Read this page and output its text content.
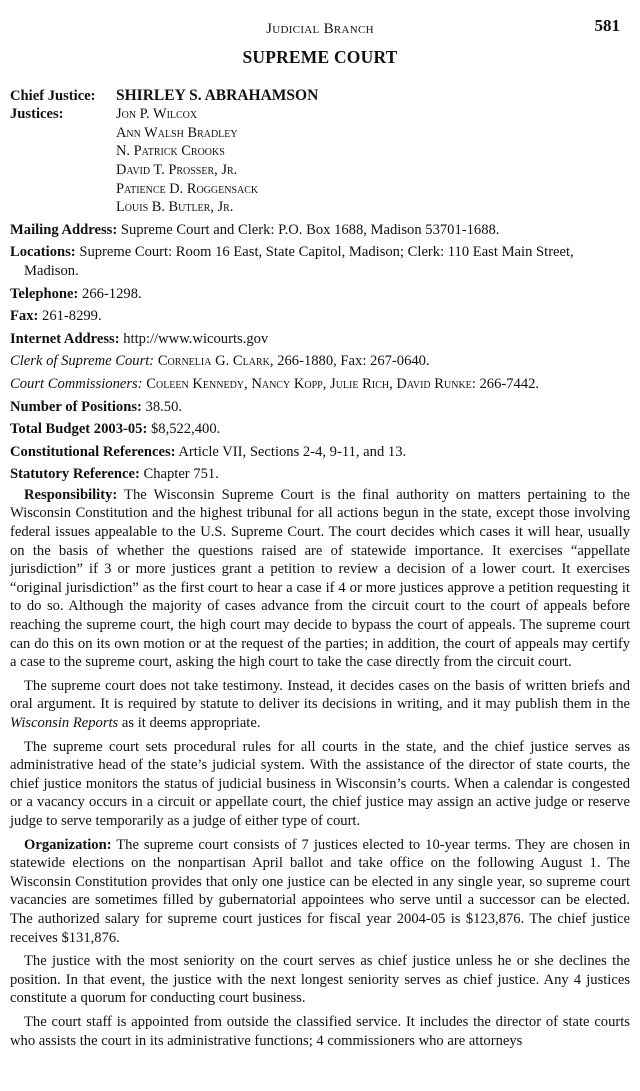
Judicial Branch	581
SUPREME COURT
Chief Justice:	SHIRLEY S. ABRAHAMSON
Justices:	Jon P. Wilcox
Ann Walsh Bradley
N. Patrick Crooks
David T. Prosser, Jr.
Patience D. Roggensack
Louis B. Butler, Jr.
Mailing Address: Supreme Court and Clerk: P.O. Box 1688, Madison 53701-1688.
Locations: Supreme Court: Room 16 East, State Capitol, Madison; Clerk: 110 East Main Street, Madison.
Telephone: 266-1298.
Fax: 261-8299.
Internet Address: http://www.wicourts.gov
Clerk of Supreme Court: Cornelia G. Clark, 266-1880, Fax: 267-0640.
Court Commissioners: Coleen Kennedy, Nancy Kopp, Julie Rich, David Runke: 266-7442.
Number of Positions: 38.50.
Total Budget 2003-05: $8,522,400.
Constitutional References: Article VII, Sections 2-4, 9-11, and 13.
Statutory Reference: Chapter 751.

Responsibility: The Wisconsin Supreme Court is the final authority on matters pertaining to the Wisconsin Constitution and the highest tribunal for all actions begun in the state, except those involving federal issues appealable to the U.S. Supreme Court. The court decides which cases it will hear, usually on the basis of whether the questions raised are of statewide importance. It exercises “appellate jurisdiction” if 3 or more justices grant a petition to review a decision of a lower court. It exercises “original jurisdiction” as the first court to hear a case if 4 or more justices approve a petition requesting it to do so. Although the majority of cases advance from the circuit court to the court of appeals before reaching the supreme court, the high court may decide to bypass the court of appeals. The supreme court can do this on its own motion or at the request of the parties; in addition, the court of appeals may certify a case to the supreme court, asking the high court to take the case directly from the circuit court.

The supreme court does not take testimony. Instead, it decides cases on the basis of written briefs and oral argument. It is required by statute to deliver its decisions in writing, and it may publish them in the Wisconsin Reports as it deems appropriate.

The supreme court sets procedural rules for all courts in the state, and the chief justice serves as administrative head of the state’s judicial system. With the assistance of the director of state courts, the chief justice monitors the status of judicial business in Wisconsin’s courts. When a calendar is congested or a vacancy occurs in a circuit or appellate court, the chief justice may assign an active judge or reserve judge to serve temporarily as a judge of either type of court.

Organization: The supreme court consists of 7 justices elected to 10-year terms. They are chosen in statewide elections on the nonpartisan April ballot and take office on the following August 1. The Wisconsin Constitution provides that only one justice can be elected in any single year, so supreme court vacancies are sometimes filled by gubernatorial appointees who serve until a successor can be elected. The authorized salary for supreme court justices for fiscal year 2004-05 is $123,876. The chief justice receives $131,876.

The justice with the most seniority on the court serves as chief justice unless he or she declines the position. In that event, the justice with the next longest seniority serves as chief justice. Any 4 justices constitute a quorum for conducting court business.

The court staff is appointed from outside the classified service. It includes the director of state courts who assists the court in its administrative functions; 4 commissioners who are attorneys
